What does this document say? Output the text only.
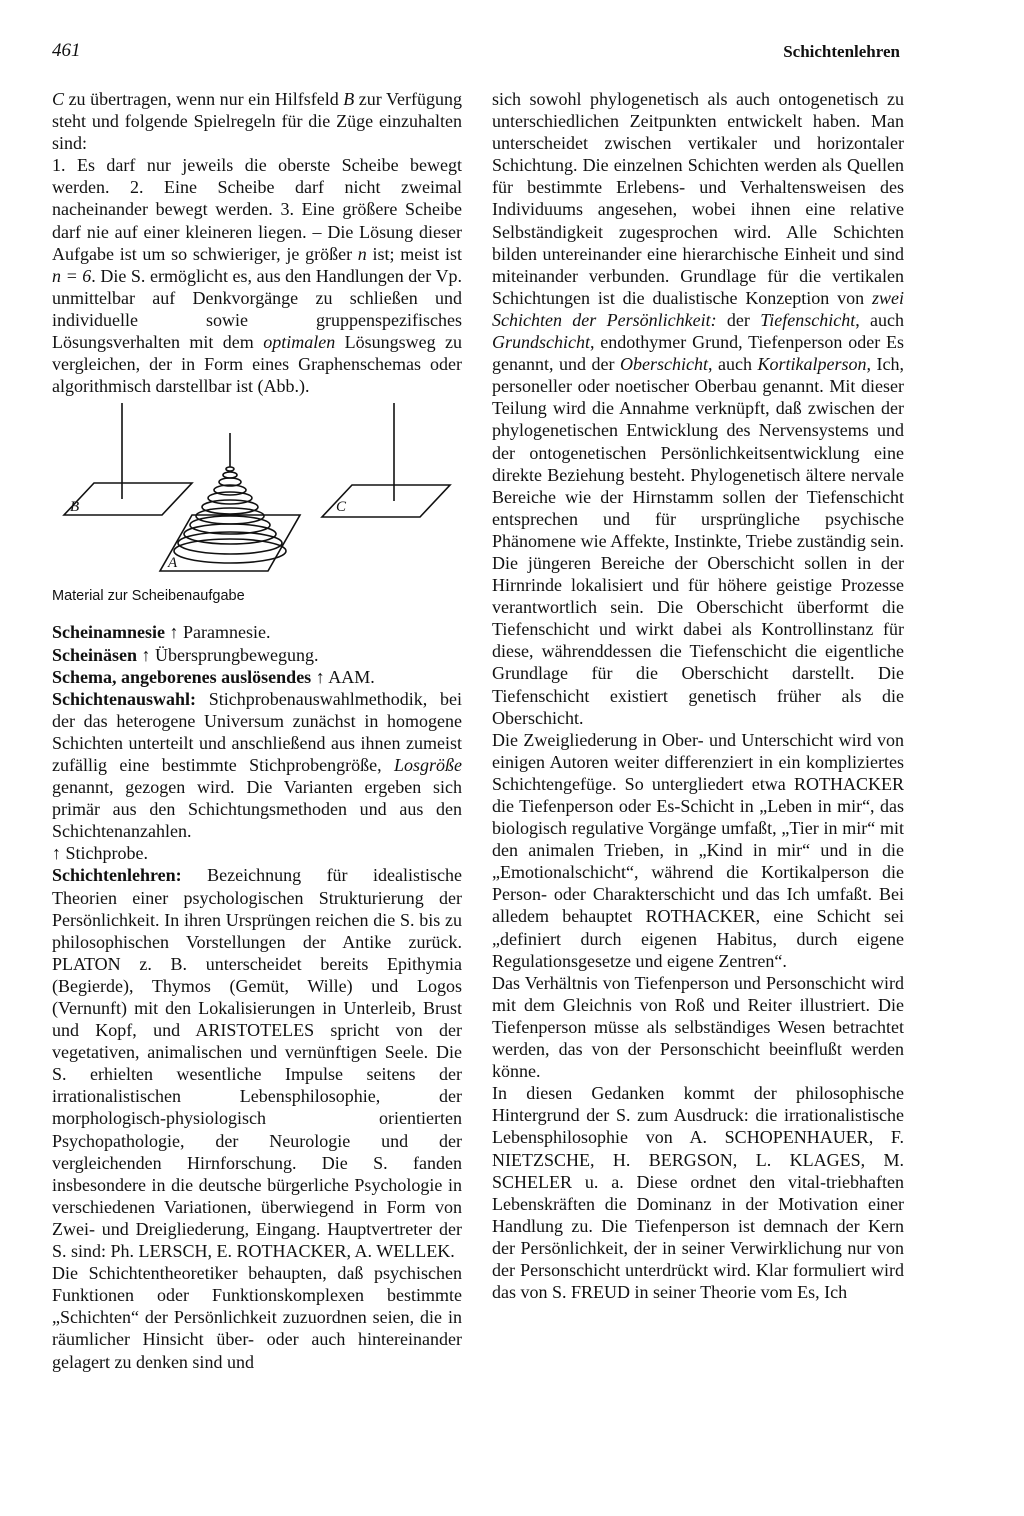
461	Schichtenlehren

C zu übertragen, wenn nur ein Hilfsfeld B zur Verfügung steht und folgende Spielregeln für die Züge einzuhalten sind:

1. Es darf nur jeweils die oberste Scheibe bewegt werden. 2. Eine Scheibe darf nicht zweimal nacheinander bewegt werden. 3. Eine größere Scheibe darf nie auf einer kleineren liegen. – Die Lösung dieser Aufgabe ist um so schwieriger, je größer n ist; meist ist n = 6. Die S. ermöglicht es, aus den Handlungen der Vp. unmittelbar auf Denkvorgänge zu schließen und individuelle sowie gruppenspezifisches Lösungsverhalten mit dem optimalen Lösungsweg zu vergleichen, der in Form eines Graphenschemas oder algorithmisch darstellbar ist (Abb.).

A
B	C
Material zur Scheibenaufgabe

Scheinamnesie ↑ Paramnesie.

Scheinäsen ↑ Übersprungbewegung.

Schema, angeborenes auslösendes ↑ AAM.

Schichtenauswahl: Stichprobenauswahlmethodik, bei der das heterogene Universum zunächst in homogene Schichten unterteilt und anschließend aus ihnen zumeist zufällig eine bestimmte Stichprobengröße, Losgröße genannt, gezogen wird. Die Varianten ergeben sich primär aus den Schichtungsmethoden und aus den Schichtenanzahlen.
↑ Stichprobe.

Schichtenlehren: Bezeichnung für idealistische Theorien einer psychologischen Strukturierung der Persönlichkeit. In ihren Ursprüngen reichen die S. bis zu philosophischen Vorstellungen der Antike zurück. PLATON z. B. unterscheidet bereits Epithymia (Begierde), Thymos (Gemüt, Wille) und Logos (Vernunft) mit den Lokalisierungen in Unterleib, Brust und Kopf, und ARISTOTELES spricht von der vegetativen, animalischen und vernünftigen Seele. Die S. erhielten wesentliche Impulse seitens der irrationalistischen Lebensphilosophie, der morphologisch-physiologisch orientierten Psychopathologie, der Neurologie und der vergleichenden Hirnforschung. Die S. fanden insbesondere in die deutsche bürgerliche Psychologie in verschiedenen Variationen, überwiegend in Form von Zwei- und Dreigliederung, Eingang. Hauptvertreter der S. sind: Ph. LERSCH, E. ROTHACKER, A. WELLEK.

Die Schichtentheoretiker behaupten, daß psychischen Funktionen oder Funktionskomplexen bestimmte „Schichten“ der Persönlichkeit zuzuordnen seien, die in räumlicher Hinsicht über- oder auch hintereinander gelagert zu denken sind und

sich sowohl phylogenetisch als auch ontogenetisch zu unterschiedlichen Zeitpunkten entwickelt haben. Man unterscheidet zwischen vertikaler und horizontaler Schichtung. Die einzelnen Schichten werden als Quellen für bestimmte Erlebens- und Verhaltensweisen des Individuums angesehen, wobei ihnen eine relative Selbständigkeit zugesprochen wird. Alle Schichten bilden untereinander eine hierarchische Einheit und sind miteinander verbunden. Grundlage für die vertikalen Schichtungen ist die dualistische Konzeption von zwei Schichten der Persönlichkeit: der Tiefenschicht, auch Grundschicht, endothymer Grund, Tiefenperson oder Es genannt, und der Oberschicht, auch Kortikalperson, Ich, personeller oder noetischer Oberbau genannt. Mit dieser Teilung wird die Annahme verknüpft, daß zwischen der phylogenetischen Entwicklung des Nervensystems und der ontogenetischen Persönlichkeitsentwicklung eine direkte Beziehung besteht. Phylogenetisch ältere nervale Bereiche wie der Hirnstamm sollen der Tiefenschicht entsprechen und für ursprüngliche psychische Phänomene wie Affekte, Instinkte, Triebe zuständig sein. Die jüngeren Bereiche der Oberschicht sollen in der Hirnrinde lokalisiert und für höhere geistige Prozesse verantwortlich sein. Die Oberschicht überformt die Tiefenschicht und wirkt dabei als Kontrollinstanz für diese, währenddessen die Tiefenschicht die eigentliche Grundlage für die Oberschicht darstellt. Die Tiefenschicht existiert genetisch früher als die Oberschicht.

Die Zweigliederung in Ober- und Unterschicht wird von einigen Autoren weiter differenziert in ein kompliziertes Schichtengefüge. So untergliedert etwa ROTHACKER die Tiefenperson oder Es-Schicht in „Leben in mir“, das biologisch regulative Vorgänge umfaßt, „Tier in mir“ mit den animalen Trieben, in „Kind in mir“ und in die „Emotionalschicht“, während die Kortikalperson die Person- oder Charakterschicht und das Ich umfaßt. Bei alledem behauptet ROTHACKER, eine Schicht sei „definiert durch eigenen Habitus, durch eigene Regulationsgesetze und eigene Zentren“.

Das Verhältnis von Tiefenperson und Personschicht wird mit dem Gleichnis von Roß und Reiter illustriert. Die Tiefenperson müsse als selbständiges Wesen betrachtet werden, das von der Personschicht beeinflußt werden könne.

In diesen Gedanken kommt der philosophische Hintergrund der S. zum Ausdruck: die irrationalistische Lebensphilosophie von A. SCHOPENHAUER, F. NIETZSCHE, H. BERGSON, L. KLAGES, M. SCHELER u. a. Diese ordnet den vital-triebhaften Lebenskräften die Dominanz in der Motivation einer Handlung zu. Die Tiefenperson ist demnach der Kern der Persönlichkeit, der in seiner Verwirklichung nur von der Personschicht unterdrückt wird. Klar formuliert wird das von S. FREUD in seiner Theorie vom Es, Ich
